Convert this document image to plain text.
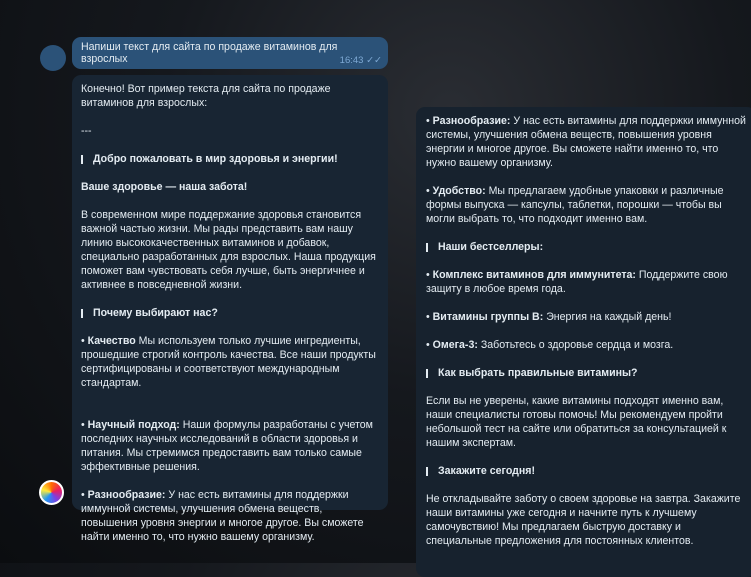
Напиши текст для сайта по продаже витаминов для взрослых	16:43 ✓✓

Конечно! Вот пример текста для сайта по продаже витаминов для взрослых:

---

Добро пожаловать в мир здоровья и энергии!

Ваше здоровье — наша забота!

В современном мире поддержание здоровья становится важной частью жизни. Мы рады представить вам нашу линию высококачественных витаминов и добавок, специально разработанных для взрослых. Наша продукция поможет вам чувствовать себя лучше, быть энергичнее и активнее в повседневной жизни.

Почему выбирают нас?

• Качество Мы используем только лучшие ингредиенты, прошедшие строгий контроль качества. Все наши продукты сертифицированы и соответствуют международным стандартам.

• Научный подход: Наши формулы разработаны с учетом последних научных исследований в области здоровья и питания. Мы стремимся предоставить вам только самые эффективные решения.

• Разнообразие: У нас есть витамины для поддержки иммунной системы, улучшения обмена веществ, повышения уровня энергии и многое другое. Вы сможете найти именно то, что нужно вашему организму.

• Разнообразие: У нас есть витамины для поддержки иммунной системы, улучшения обмена веществ, повышения уровня энергии и многое другое. Вы сможете найти именно то, что нужно вашему организму.

• Удобство: Мы предлагаем удобные упаковки и различные формы выпуска — капсулы, таблетки, порошки — чтобы вы могли выбрать то, что подходит именно вам.

Наши бестселлеры:

• Комплекс витаминов для иммунитета: Поддержите свою защиту в любое время года.

• Витамины группы B: Энергия на каждый день!

• Омега-3: Заботьтесь о здоровье сердца и мозга.

Как выбрать правильные витамины?

Если вы не уверены, какие витамины подходят именно вам, наши специалисты готовы помочь! Мы рекомендуем пройти небольшой тест на сайте или обратиться за консультацией к нашим экспертам.

Закажите сегодня!

Не откладывайте заботу о своем здоровье на завтра. Закажите наши витамины уже сегодня и начните путь к лучшему самочувствию! Мы предлагаем быструю доставку и специальные предложения для постоянных клиентов.
